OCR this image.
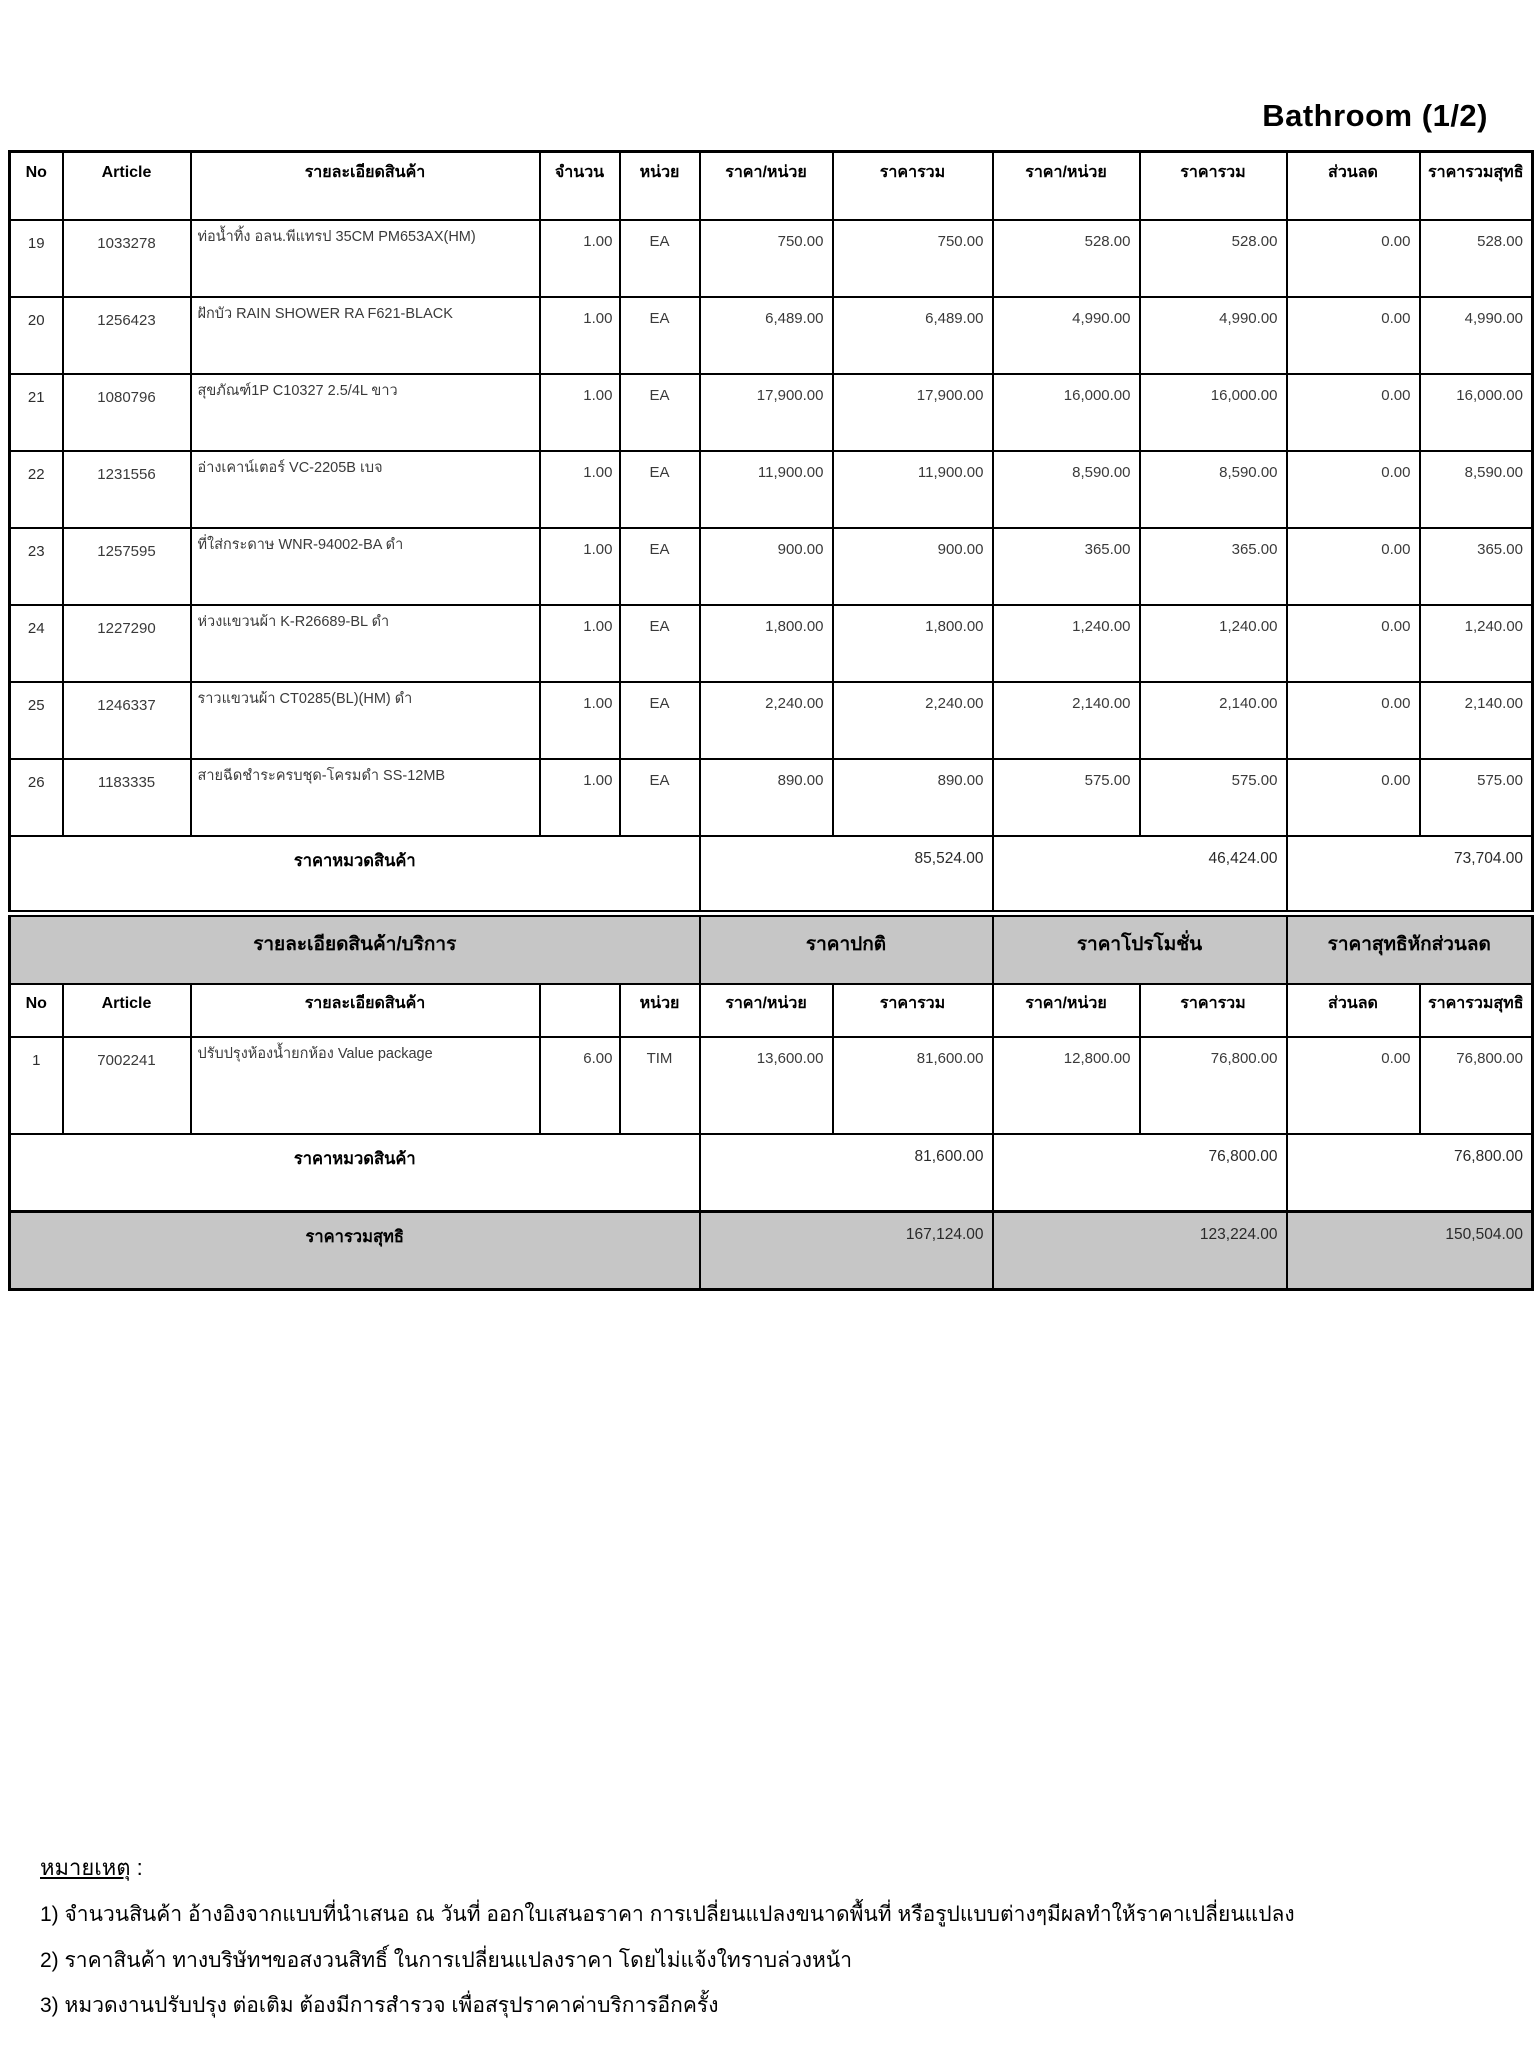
Bathroom (1/2)
No	Article	รายละเอียดสินค้า	จำนวน	หน่วย	ราคา/หน่วย	ราคารวม	ราคา/หน่วย	ราคารวม	ส่วนลด	ราคารวมสุทธิ
19	1033278	ท่อน้ำทิ้ง อลน.พีแทรป 35CM PM653AX(HM)	1.00	EA	750.00	750.00	528.00	528.00	0.00	528.00
20	1256423	ฝักบัว RAIN SHOWER RA F621-BLACK	1.00	EA	6,489.00	6,489.00	4,990.00	4,990.00	0.00	4,990.00
21	1080796	สุขภัณฑ์1P C10327 2.5/4L ขาว	1.00	EA	17,900.00	17,900.00	16,000.00	16,000.00	0.00	16,000.00
22	1231556	อ่างเคาน์เตอร์ VC-2205B เบจ	1.00	EA	11,900.00	11,900.00	8,590.00	8,590.00	0.00	8,590.00
23	1257595	ที่ใส่กระดาษ WNR-94002-BA ดำ	1.00	EA	900.00	900.00	365.00	365.00	0.00	365.00
24	1227290	ห่วงแขวนผ้า K-R26689-BL ดำ	1.00	EA	1,800.00	1,800.00	1,240.00	1,240.00	0.00	1,240.00
25	1246337	ราวแขวนผ้า CT0285(BL)(HM) ดำ	1.00	EA	2,240.00	2,240.00	2,140.00	2,140.00	0.00	2,140.00
26	1183335	สายฉีดชำระครบชุด-โครมดำ SS-12MB	1.00	EA	890.00	890.00	575.00	575.00	0.00	575.00
ราคาหมวดสินค้า					85,524.00		46,424.00		73,704.00	
รายละเอียดสินค้า/บริการ					ราคาปกติ		ราคาโปรโมชั่น		ราคาสุทธิหักส่วนลด	
No	Article	รายละเอียดสินค้า		หน่วย	ราคา/หน่วย	ราคารวม	ราคา/หน่วย	ราคารวม	ส่วนลด	ราคารวมสุทธิ
1	7002241	ปรับปรุงห้องน้ำยกห้อง Value package	6.00	TIM	13,600.00	81,600.00	12,800.00	76,800.00	0.00	76,800.00
ราคาหมวดสินค้า					81,600.00		76,800.00		76,800.00	
ราคารวมสุทธิ					167,124.00		123,224.00		150,504.00	
หมายเหตุ :
1) จำนวนสินค้า อ้างอิงจากแบบที่นำเสนอ ณ วันที่ ออกใบเสนอราคา การเปลี่ยนแปลงขนาดพื้นที่ หรือรูปแบบต่างๆมีผลทำให้ราคาเปลี่ยนแปลง
2) ราคาสินค้า ทางบริษัทฯขอสงวนสิทธิ์ ในการเปลี่ยนแปลงราคา โดยไม่แจ้งใทราบล่วงหน้า
3) หมวดงานปรับปรุง ต่อเติม ต้องมีการสำรวจ เพื่อสรุปราคาค่าบริการอีกครั้ง
